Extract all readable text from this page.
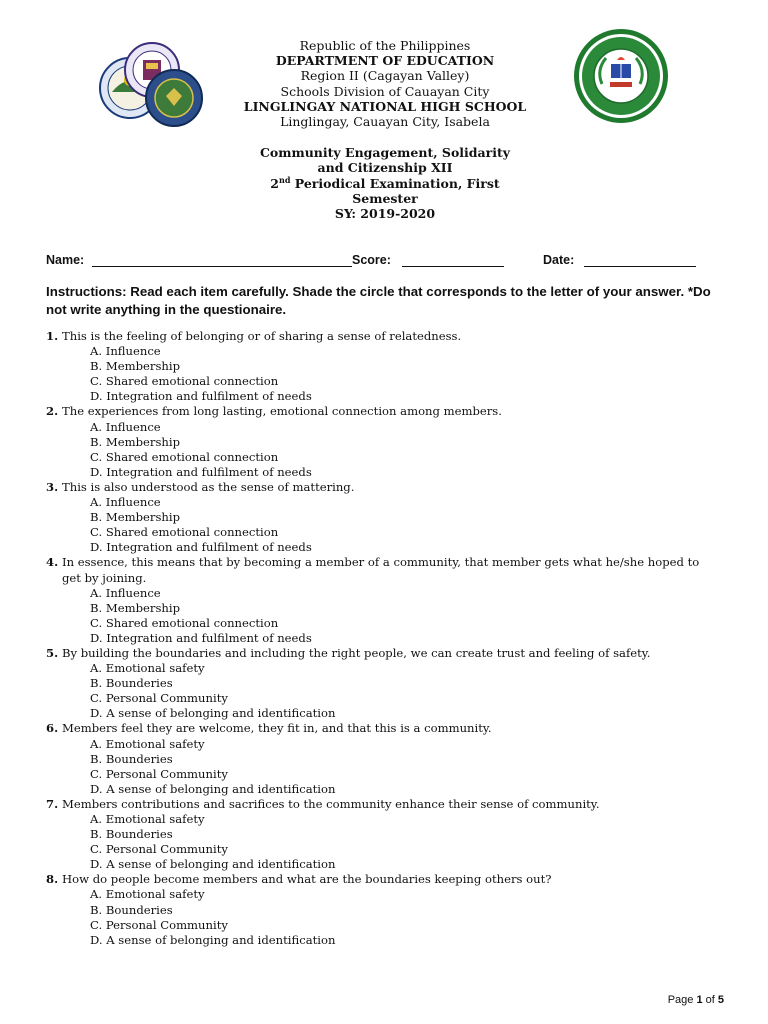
Republic of the Philippines
DEPARTMENT OF EDUCATION
Region II (Cagayan Valley)
Schools Division of Cauayan City
LINGLINGAY NATIONAL HIGH SCHOOL
Linglingay, Cauayan City, Isabela
Community Engagement, Solidarity
and Citizenship XII
2nd Periodical Examination, First
Semester
SY: 2019-2020
Name:	Score:	Date:
Instructions: Read each item carefully. Shade the circle that corresponds to the letter of your answer. *Do not write anything in the questionaire.
1. This is the feeling of belonging or of sharing a sense of relatedness.
A. Influence
B. Membership
C. Shared emotional connection
D. Integration and fulfilment of needs
2. The experiences from long lasting, emotional connection among members.
A. Influence
B. Membership
C. Shared emotional connection
D. Integration and fulfilment of needs
3. This is also understood as the sense of mattering.
A. Influence
B. Membership
C. Shared emotional connection
D. Integration and fulfilment of needs
4. In essence, this means that by becoming a member of a community, that member gets what he/she hoped to get by joining.
A. Influence
B. Membership
C. Shared emotional connection
D. Integration and fulfilment of needs
5. By building the boundaries and including the right people, we can create trust and feeling of safety.
A. Emotional safety
B. Bounderies
C. Personal Community
D. A sense of belonging and identification
6. Members feel they are welcome, they fit in, and that this is a community.
A. Emotional safety
B. Bounderies
C. Personal Community
D. A sense of belonging and identification
7. Members contributions and sacrifices to the community enhance their sense of community.
A. Emotional safety
B. Bounderies
C. Personal Community
D. A sense of belonging and identification
8. How do people become members and what are the boundaries keeping others out?
A. Emotional safety
B. Bounderies
C. Personal Community
D. A sense of belonging and identification
Page 1 of 5
